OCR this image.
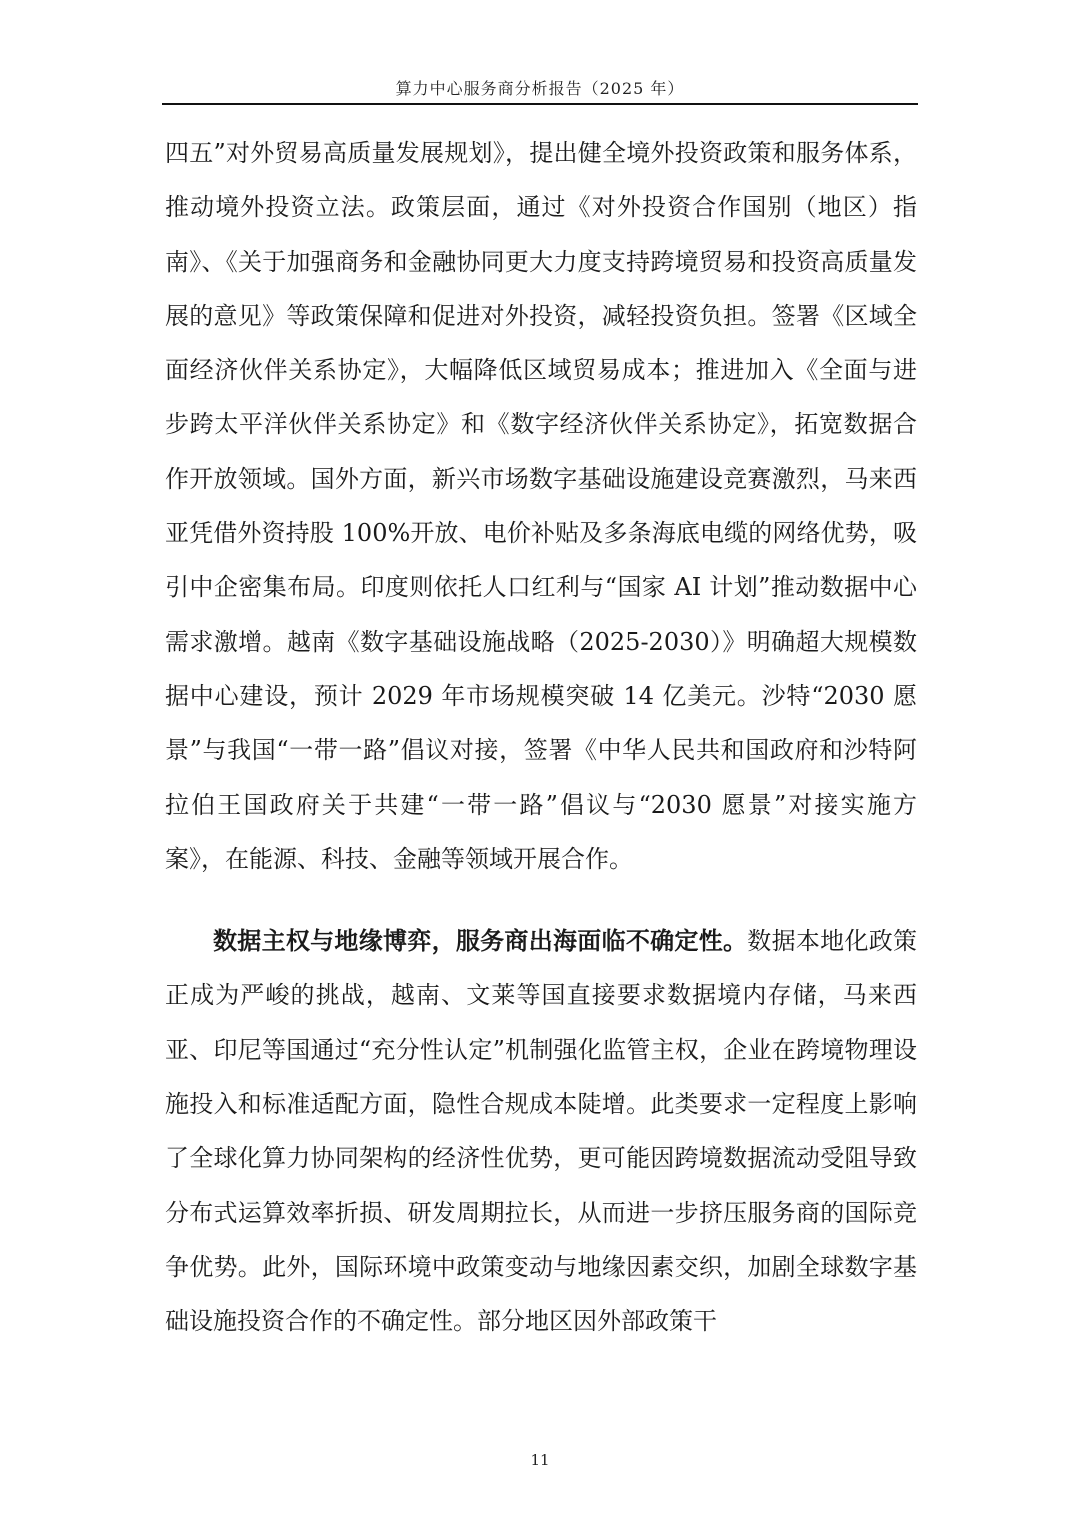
算力中心服务商分析报告（2025 年）

四五”对外贸易高质量发展规划》，提出健全境外投资政策和服务体系，推动境外投资立法。政策层面，通过《对外投资合作国别（地区）指南》、《关于加强商务和金融协同更大力度支持跨境贸易和投资高质量发展的意见》等政策保障和促进对外投资，减轻投资负担。签署《区域全面经济伙伴关系协定》，大幅降低区域贸易成本；推进加入《全面与进步跨太平洋伙伴关系协定》和《数字经济伙伴关系协定》，拓宽数据合作开放领域。国外方面，新兴市场数字基础设施建设竞赛激烈，马来西亚凭借外资持股 100%开放、电价补贴及多条海底电缆的网络优势，吸引中企密集布局。印度则依托人口红利与“国家 AI 计划”推动数据中心需求激增。越南《数字基础设施战略（2025-2030）》明确超大规模数据中心建设，预计 2029 年市场规模突破 14 亿美元。沙特“2030 愿景”与我国“一带一路”倡议对接，签署《中华人民共和国政府和沙特阿拉伯王国政府关于共建“一带一路”倡议与“2030 愿景”对接实施方案》，在能源、科技、金融等领域开展合作。

数据主权与地缘博弈，服务商出海面临不确定性。数据本地化政策正成为严峻的挑战，越南、文莱等国直接要求数据境内存储，马来西亚、印尼等国通过“充分性认定”机制强化监管主权，企业在跨境物理设施投入和标准适配方面，隐性合规成本陡增。此类要求一定程度上影响了全球化算力协同架构的经济性优势，更可能因跨境数据流动受阻导致分布式运算效率折损、研发周期拉长，从而进一步挤压服务商的国际竞争优势。此外，国际环境中政策变动与地缘因素交织，加剧全球数字基础设施投资合作的不确定性。部分地区因外部政策干

11
